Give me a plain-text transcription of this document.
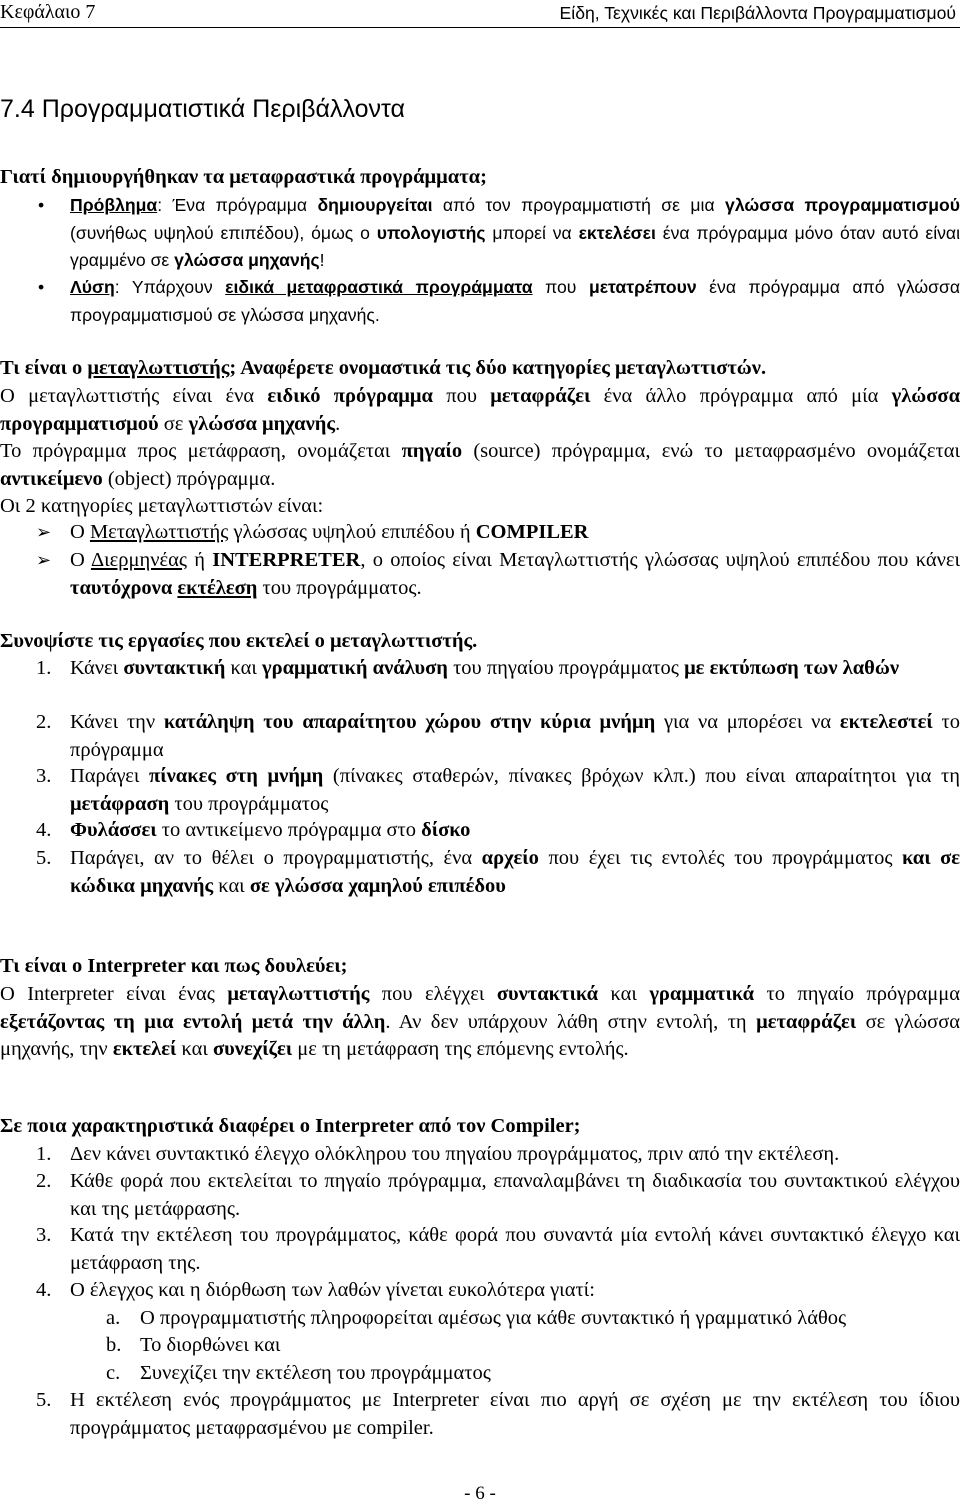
Κεφάλαιο 7	Είδη, Τεχνικές και Περιβάλλοντα Προγραμματισμού
7.4 Προγραμματιστικά Περιβάλλοντα

Γιατί δημιουργήθηκαν τα μεταφραστικά προγράμματα;

• Πρόβλημα: Ένα πρόγραμμα δημιουργείται από τον προγραμματιστή σε μια γλώσσα προγραμματισμού (συνήθως υψηλού επιπέδου), όμως ο υπολογιστής μπορεί να εκτελέσει ένα πρόγραμμα μόνο όταν αυτό είναι γραμμένο σε γλώσσα μηχανής!
• Λύση: Υπάρχουν ειδικά μεταφραστικά προγράμματα που μετατρέπουν ένα πρόγραμμα από γλώσσα προγραμματισμού σε γλώσσα μηχανής.

Τι είναι ο μεταγλωττιστής; Αναφέρετε ονομαστικά τις δύο κατηγορίες μεταγλωττιστών.

Ο μεταγλωττιστής είναι ένα ειδικό πρόγραμμα που μεταφράζει ένα άλλο πρόγραμμα από μία γλώσσα προγραμματισμού σε γλώσσα μηχανής.

Το πρόγραμμα προς μετάφραση, ονομάζεται πηγαίο (source) πρόγραμμα, ενώ το μεταφρασμένο ονομάζεται αντικείμενο (object) πρόγραμμα.

Οι 2 κατηγορίες μεταγλωττιστών είναι:

➢ Ο Μεταγλωττιστής γλώσσας υψηλού επιπέδου ή COMPILER
➢ Ο Διερμηνέας ή INTERPRETER, ο οποίος είναι Μεταγλωττιστής γλώσσας υψηλού επιπέδου που κάνει ταυτόχρονα εκτέλεση του προγράμματος.

Συνοψίστε τις εργασίες που εκτελεί ο μεταγλωττιστής.

1. Κάνει συντακτική και γραμματική ανάλυση του πηγαίου προγράμματος με εκτύπωση των λαθών
2. Κάνει την κατάληψη του απαραίτητου χώρου στην κύρια μνήμη για να μπορέσει να εκτελεστεί το πρόγραμμα
3. Παράγει πίνακες στη μνήμη (πίνακες σταθερών, πίνακες βρόχων κλπ.) που είναι απαραίτητοι για τη μετάφραση του προγράμματος
4. Φυλάσσει το αντικείμενο πρόγραμμα στο δίσκο
5. Παράγει, αν το θέλει ο προγραμματιστής, ένα αρχείο που έχει τις εντολές του προγράμματος και σε κώδικα μηχανής και σε γλώσσα χαμηλού επιπέδου

Τι είναι ο Interpreter και πως δουλεύει;

Ο Interpreter είναι ένας μεταγλωττιστής που ελέγχει συντακτικά και γραμματικά το πηγαίο πρόγραμμα εξετάζοντας τη μια εντολή μετά την άλλη. Αν δεν υπάρχουν λάθη στην εντολή, τη μεταφράζει σε γλώσσα μηχανής, την εκτελεί και συνεχίζει με τη μετάφραση της επόμενης εντολής.

Σε ποια χαρακτηριστικά διαφέρει ο Interpreter από τον Compiler;

1. Δεν κάνει συντακτικό έλεγχο ολόκληρου του πηγαίου προγράμματος, πριν από την εκτέλεση.
2. Κάθε φορά που εκτελείται το πηγαίο πρόγραμμα, επαναλαμβάνει τη διαδικασία του συντακτικού ελέγχου και της μετάφρασης.
3. Κατά την εκτέλεση του προγράμματος, κάθε φορά που συναντά μία εντολή κάνει συντακτικό έλεγχο και μετάφραση της.
4. Ο έλεγχος και η διόρθωση των λαθών γίνεται ευκολότερα γιατί:
a. Ο προγραμματιστής πληροφορείται αμέσως για κάθε συντακτικό ή γραμματικό λάθος
b. Το διορθώνει και
c. Συνεχίζει την εκτέλεση του προγράμματος
5. Η εκτέλεση ενός προγράμματος με Interpreter είναι πιο αργή σε σχέση με την εκτέλεση του ίδιου προγράμματος μεταφρασμένου με compiler.
- 6 -
